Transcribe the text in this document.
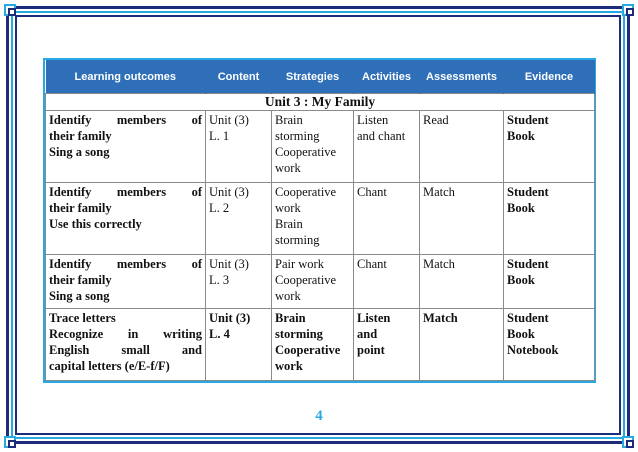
Learning outcomes	Content	Strategies	Activities	Assessments	Evidence
Unit 3 : My Family					

Identify members of
their family
Sing a song	Unit (3)
L. 1	Brain
storming
Cooperative
work	Listen
and chant	Read	Student
Book

Identify members of
their family
Use this correctly	Unit (3)
L. 2	Cooperative
work
Brain
storming	Chant	Match	Student
Book

Identify members of
their family
Sing a song	Unit (3)
L. 3	Pair work
Cooperative
work	Chant	Match	Student
Book

Trace letters
Recognize in writing
English small and
capital letters (e/E-f/F)	Unit (3)
L. 4	Brain
storming
Cooperative
work	Listen
and
point	Match	Student
Book
Notebook
4
